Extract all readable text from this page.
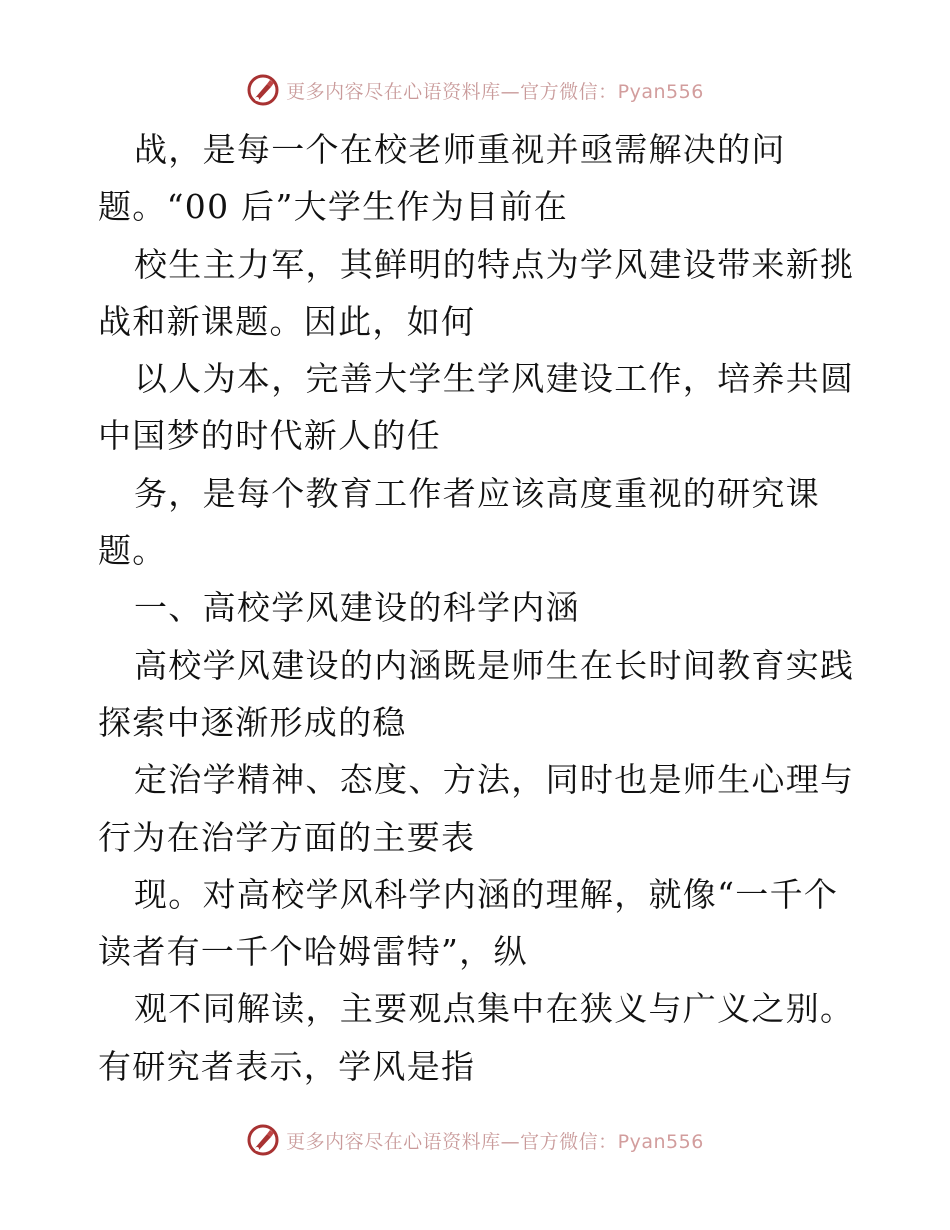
更多内容尽在心语资料库—官方微信：Pyan556
战，是每一个在校老师重视并亟需解决的问
题。“00 后”大学生作为目前在
校生主力军，其鲜明的特点为学风建设带来新挑
战和新课题。因此，如何
以人为本，完善大学生学风建设工作，培养共圆
中国梦的时代新人的任
务，是每个教育工作者应该高度重视的研究课
题。
一、高校学风建设的科学内涵
高校学风建设的内涵既是师生在长时间教育实践
探索中逐渐形成的稳
定治学精神、态度、方法，同时也是师生心理与
行为在治学方面的主要表
现。对高校学风科学内涵的理解，就像“一千个
读者有一千个哈姆雷特”，纵
观不同解读，主要观点集中在狭义与广义之别。
有研究者表示，学风是指
更多内容尽在心语资料库—官方微信：Pyan556
